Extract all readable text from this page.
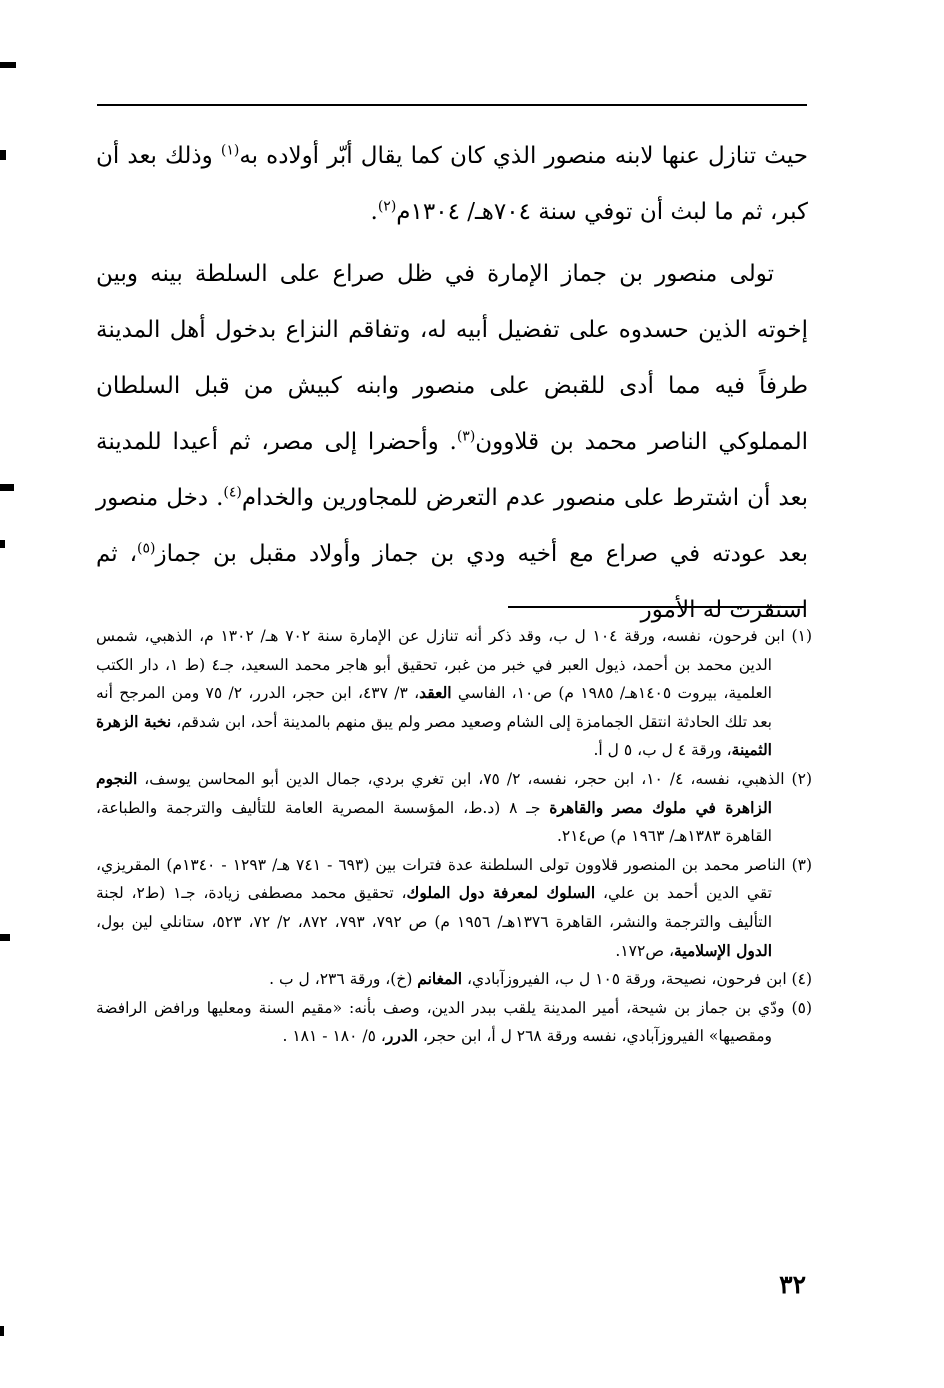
حيث تنازل عنها لابنه منصور الذي كان كما يقال أبّر أولاده به$^{(١)}$ وذلك بعد أن كبر، ثم ما لبث أن توفي سنة ٧٠٤هـ/ ١٣٠٤م$^{(٢)}$.

تولى منصور بن جماز الإمارة في ظل صراع على السلطة بينه وبين إخوته الذين حسدوه على تفضيل أبيه له، وتفاقم النزاع بدخول أهل المدينة طرفاً فيه مما أدى للقبض على منصور وابنه كبيش من قبل السلطان المملوكي الناصر محمد بن قلاوون$^{(٣)}$. وأحضرا إلى مصر، ثم أعيدا للمدينة بعد أن اشترط على منصور عدم التعرض للمجاورين والخدام$^{(٤)}$. دخل منصور بعد عودته في صراع مع أخيه ودي بن جماز وأولاد مقبل بن جماز$^{(٥)}$، ثم استقرت له الأمور

(١) ابن فرحون، نفسه، ورقة ١٠٤ ل ب، وقد ذكر أنه تنازل عن الإمارة سنة ٧٠٢ هـ/ ١٣٠٢ م، الذهبي، شمس الدين محمد بن أحمد، ذيول العبر في خبر من غبر، تحقيق أبو هاجر محمد السعيد، جـ٤ (ط ١، دار الكتب العلمية، بيروت ١٤٠٥هـ/ ١٩٨٥ م) ص١٠، الفاسي العقد، ٣/ ٤٣٧، ابن حجر، الدرر، ٢/ ٧٥ ومن المرجح أنه بعد تلك الحادثة انتقل الجمامزة إلى الشام وصعيد مصر ولم يبق منهم بالمدينة أحد، ابن شدقم، نخبة الزهرة الثمينة، ورقة ٤ ل ب، ٥ ل أ.

(٢) الذهبي، نفسه، ٤/ ١٠، ابن حجر، نفسه، ٢/ ٧٥، ابن تغري بردي، جمال الدين أبو المحاسن يوسف، النجوم الزاهرة في ملوك مصر والقاهرة جـ ٨ (د.ط، المؤسسة المصرية العامة للتأليف والترجمة والطباعة، القاهرة ١٣٨٣هـ/ ١٩٦٣ م) ص٢١٤.

(٣) الناصر محمد بن المنصور قلاوون تولى السلطنة عدة فترات بين (٦٩٣ - ٧٤١ هـ/ ١٢٩٣ - ١٣٤٠م) المقريزي، تقي الدين أحمد بن علي، السلوك لمعرفة دول الملوك، تحقيق محمد مصطفى زيادة، جـ١ (ط٢، لجنة التأليف والترجمة والنشر، القاهرة ١٣٧٦هـ/ ١٩٥٦ م) ص ٧٩٢، ٧٩٣، ٨٧٢، ٢/ ٧٢، ٥٢٣، ستانلي لين بول، الدول الإسلامية، ص١٧٢.

(٤) ابن فرحون، نصيحة، ورقة ١٠٥ ل ب، الفيروزآبادي، المغانم (خ)، ورقة ٢٣٦، ل ب .

(٥) ودّي بن جماز بن شيحة، أمير المدينة يلقب ببدر الدين، وصف بأنه: «مقيم السنة ومعليها ورافض الرافضة ومقصيها» الفيروزآبادي، نفسه ورقة ٢٦٨ ل أ، ابن حجر، الدرر، ٥/ ١٨٠ - ١٨١ .

٣٢
